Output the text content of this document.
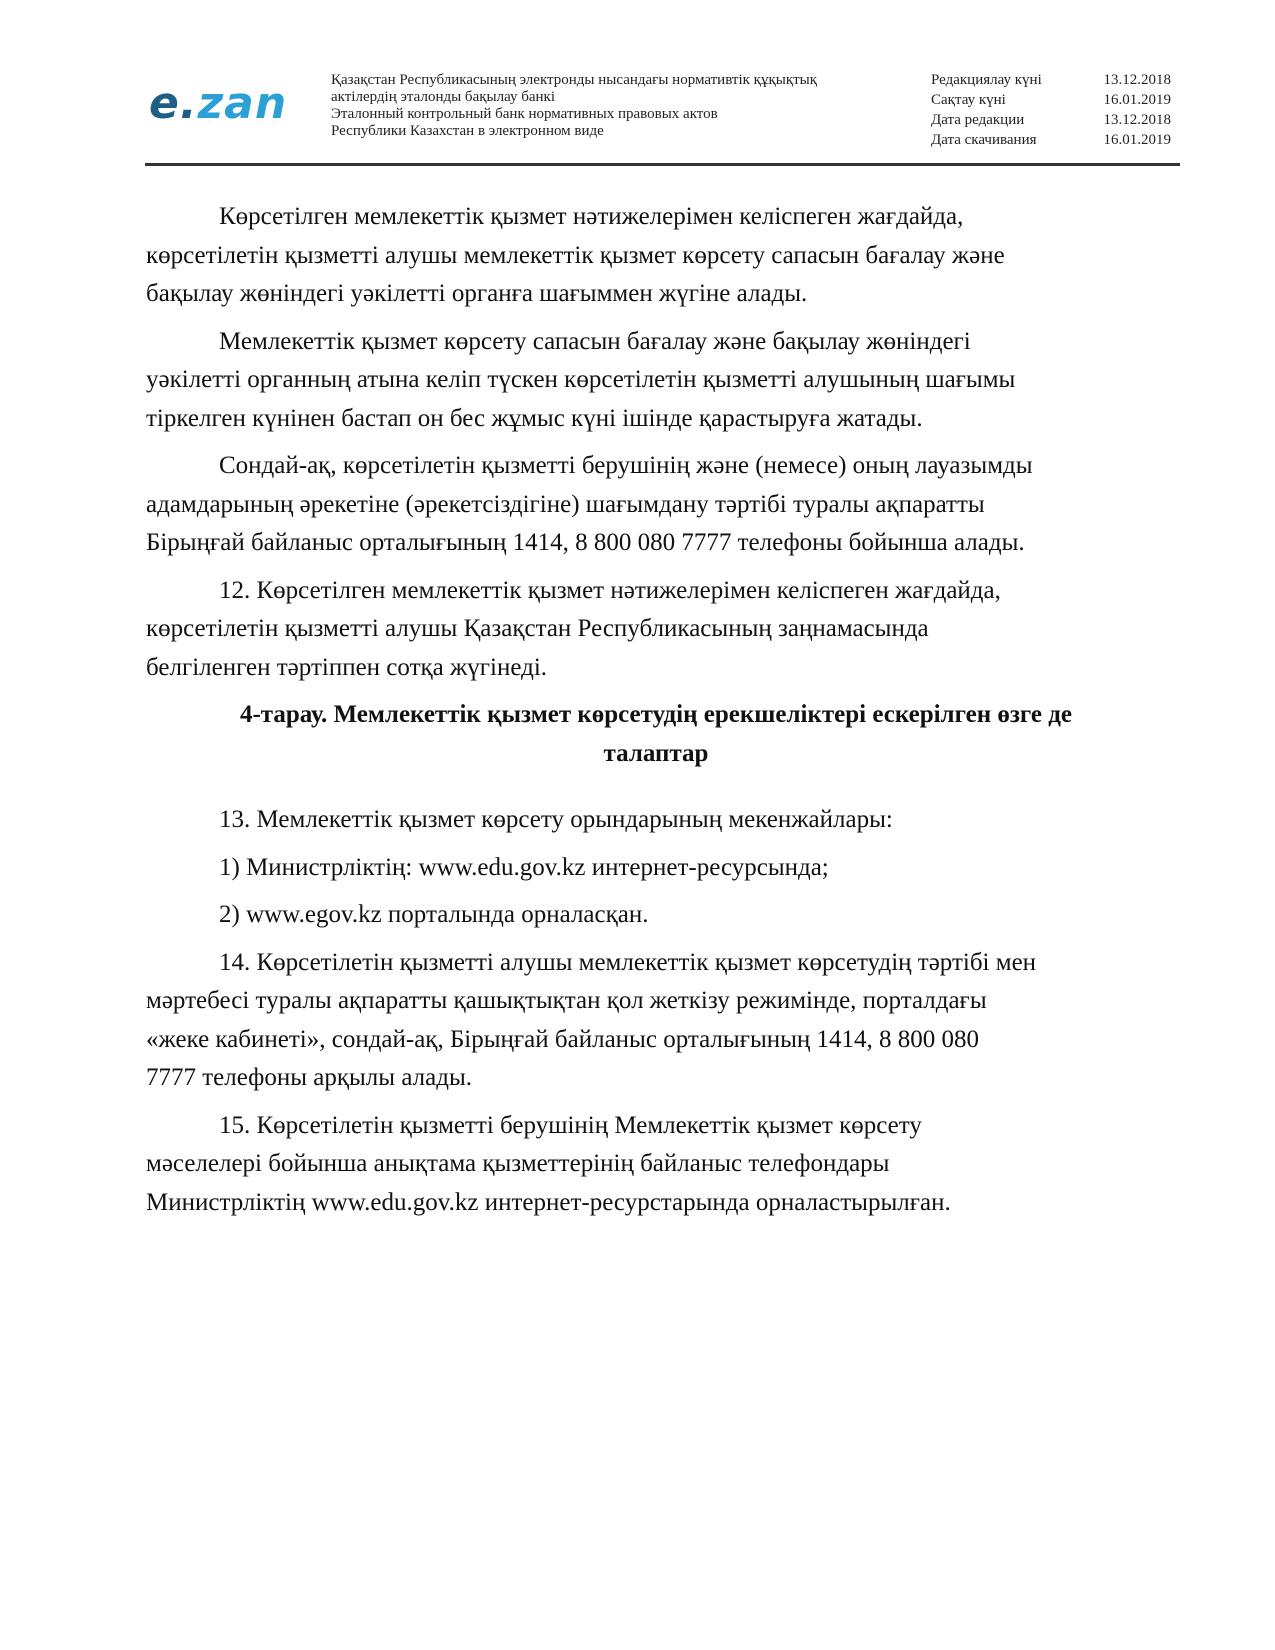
e.zan	Қазақстан Республикасының электронды нысандағы нормативтік құқықтық
актілердің эталонды бақылау банкі
Эталонный контрольный банк нормативных правовых актов
Республики Казахстан в электронном виде
Редакциялау күні	13.12.2018
Сақтау күні	16.01.2019
Дата редакции	13.12.2018
Дата скачивания	16.01.2019

Көрсетілген мемлекеттік қызмет нәтижелерімен келіспеген жағдайда,
көрсетілетін қызметті алушы мемлекеттік қызмет көрсету сапасын бағалау және
бақылау жөніндегі уәкілетті органға шағыммен жүгіне алады.

Мемлекеттік қызмет көрсету сапасын бағалау және бақылау жөніндегі
уәкілетті органның атына келіп түскен көрсетілетін қызметті алушының шағымы
тіркелген күнінен бастап он бес жұмыс күні ішінде қарастыруға жатады.

Сондай-ақ, көрсетілетін қызметті берушінің және (немесе) оның лауазымды
адамдарының әрекетіне (әрекетсіздігіне) шағымдану тәртібі туралы ақпаратты
Бірыңғай байланыс орталығының 1414, 8 800 080 7777 телефоны бойынша алады.

12. Көрсетілген мемлекеттік қызмет нәтижелерімен келіспеген жағдайда,
көрсетілетін қызметті алушы Қазақстан Республикасының заңнамасында
белгіленген тәртіппен сотқа жүгінеді.

4-тарау. Мемлекеттік қызмет көрсетудің ерекшеліктері ескерілген өзге де
талаптар

13. Мемлекеттік қызмет көрсету орындарының мекенжайлары:

1) Министрліктің: www.edu.gov.kz интернет-ресурсында;

2) www.egov.kz порталында орналасқан.

14. Көрсетілетін қызметті алушы мемлекеттік қызмет көрсетудің тәртібі мен
мәртебесі туралы ақпаратты қашықтықтан қол жеткізу режимінде, порталдағы
«жеке кабинеті», сондай-ақ, Бірыңғай байланыс орталығының 1414, 8 800 080
7777 телефоны арқылы алады.

15. Көрсетілетін қызметті берушінің Мемлекеттік қызмет көрсету
мәселелері бойынша анықтама қызметтерінің байланыс телефондары
Министрліктің www.edu.gov.kz интернет-ресурстарында орналастырылған.
